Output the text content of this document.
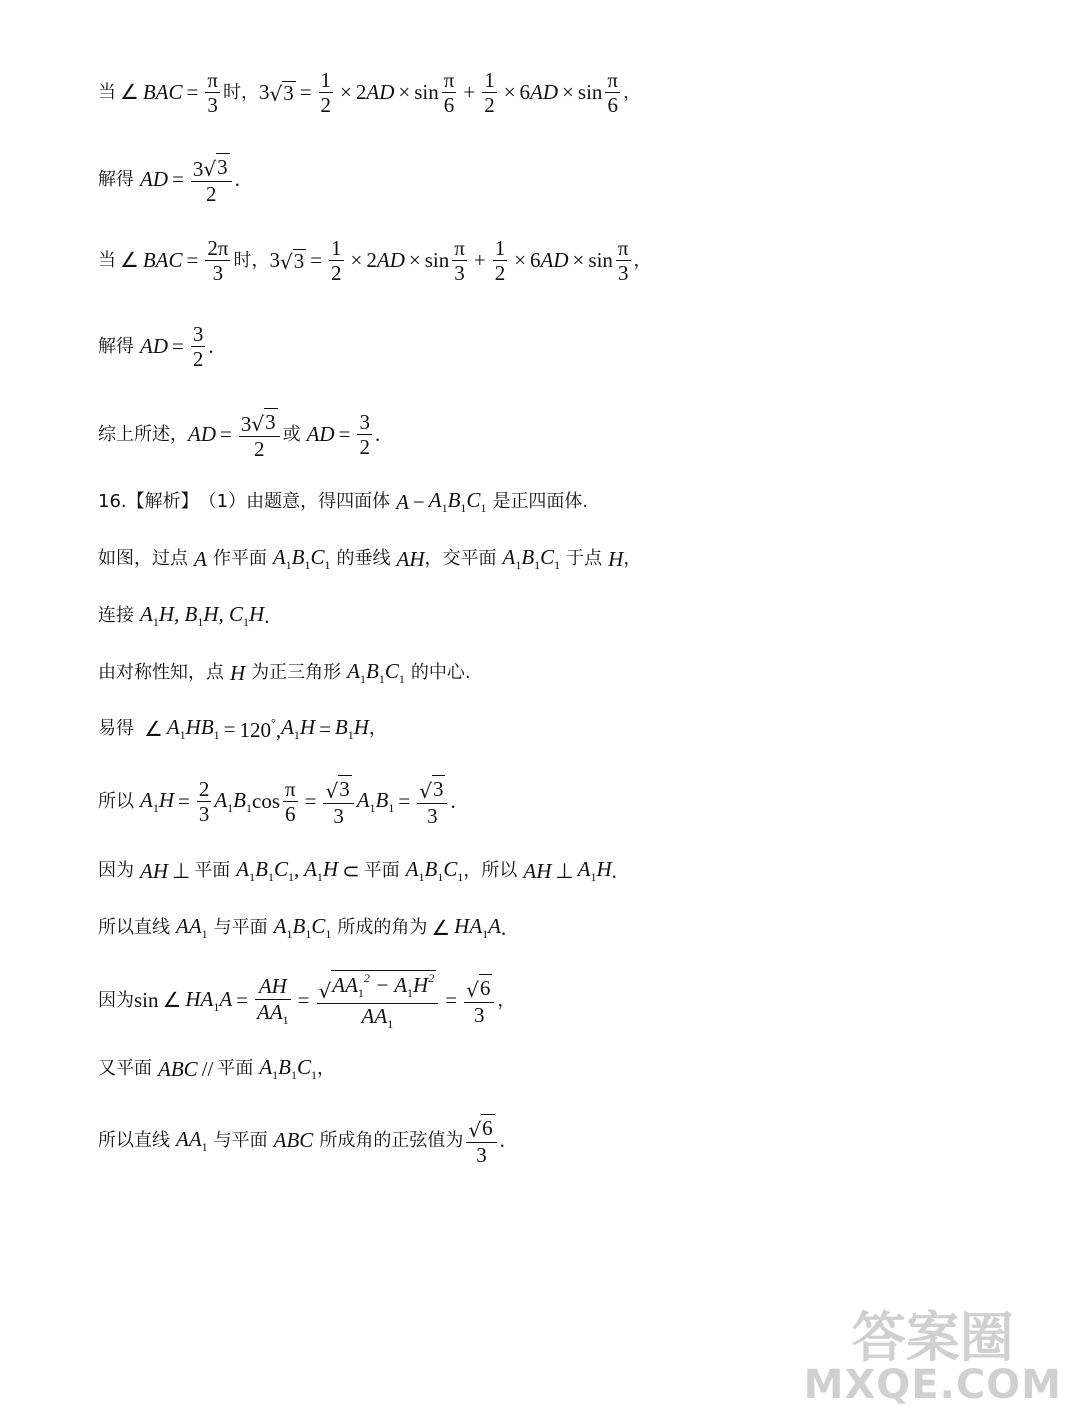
当 ∠ BAC = $\frac{\pi}{3}$ 时 ， 3 √ $3 = \frac{1}{2} \times 2$ AD × $\sin \frac{\pi}{6} + \frac{1}{2} \times 6$ AD × $\sin \frac{\pi}{6}$ ，
解得 AD = $\frac{3 √ 3}{2}$ .
当 ∠ BAC = $\frac{2\pi}{3}$ 时 ， 3 √ $3 = \frac{1}{2} \times 2$ AD × $\sin \frac{\pi}{3} + \frac{1}{2} \times 6$ AD × $\sin \frac{\pi}{3}$ ，
解得 AD = $\frac{3}{2}$ .
综上所述， AD = $\frac{3 √ 3}{2}$ 或 AD = $\frac{3}{2}$ .
16.【解析】 （1）由题意，得四面体 $A - A_1B_1C_1$ 是正四面体.
如图，过点 A 作平面 $A_1B_1C_1$ 的垂线 AH ，交平面 $A_1B_1C_1$ 于点 H ，
连接 $A_1H$, $B_1H$, $C_1H$ .
由对称性知，点 H 为正三角形 $A_1B_1C_1$ 的中心.
易得 ∠ $A_1HB_1 = 120^\circ$, $A_1H = B_1H$ ，
所以 $A_1H = \frac{2}{3} A_1B_1$ $\cos \frac{\pi}{6} = \frac{√ 3}{3} A_1B_1 = \frac{√ 3}{3}$ .
因为 AH ⊥ 平面 $A_1B_1C_1$, $A_1H$ ⊂ 平面 $A_1B_1C_1$ ，所以 AH ⊥ $A_1H$ .
所以直线 $AA_1$ 与平面 $A_1B_1C_1$ 所成的角为 ∠ $HA_1A$ .
因为 sin ∠ $HA_1A = \frac{AH}{AA_1} = \frac{√ AA_1^2 - A_1H^2}{AA_1} = \frac{√ 6}{3}$ ，
又平面 ABC // 平面 $A_1B_1C_1$ ，
所以直线 $AA_1$ 与平面 ABC 所成角的正弦值为 $\frac{√ 6}{3}$ .
答案圈
MXQE.COM
